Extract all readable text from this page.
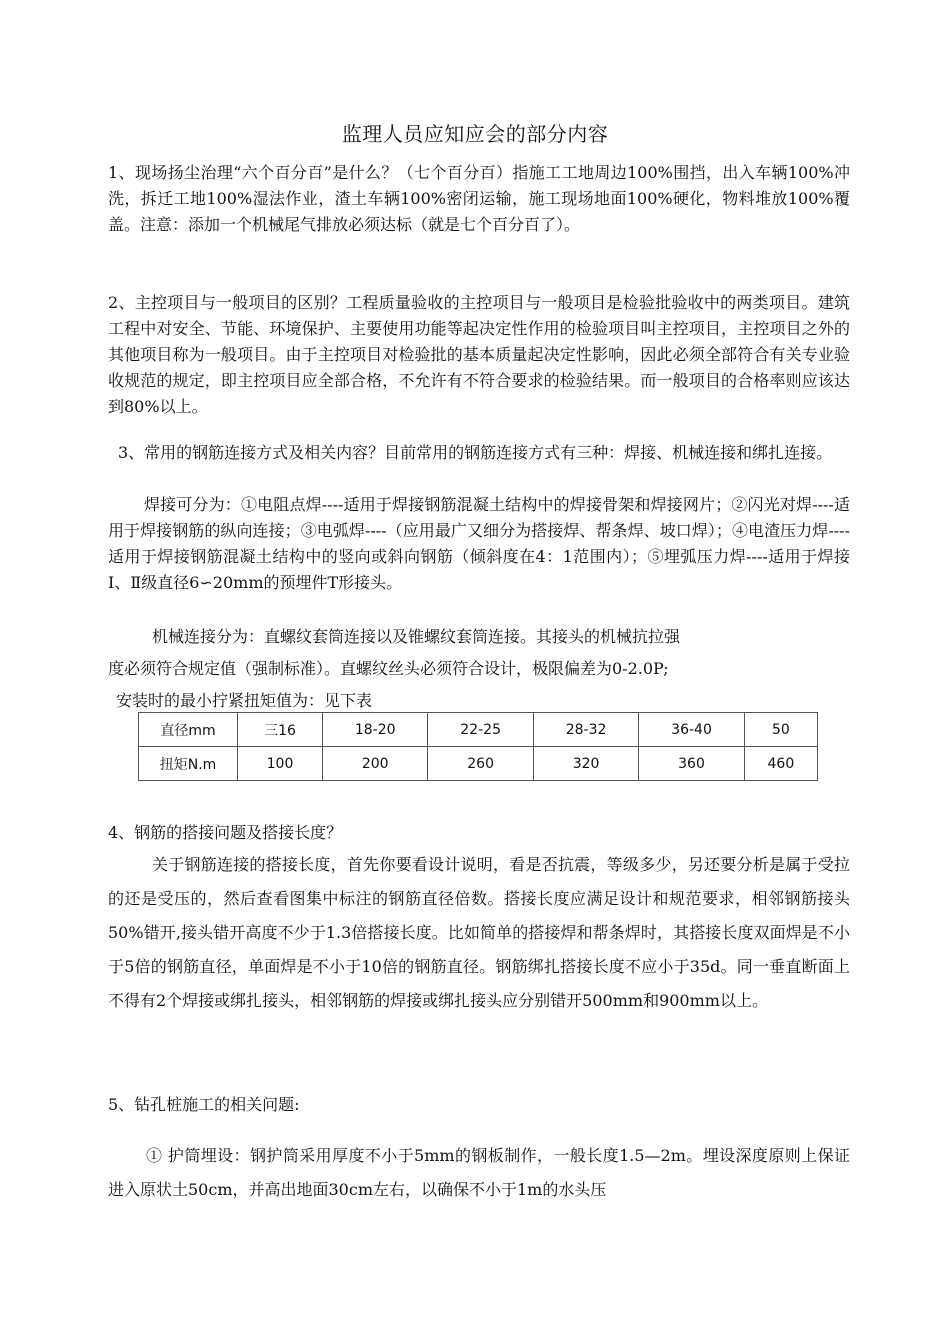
监理人员应知应会的部分内容
1、现场扬尘治理“六个百分百”是什么？（七个百分百）指施工工地周边100%围挡，出入车辆100%冲洗，拆迁工地100%湿法作业，渣土车辆100%密闭运输，施工现场地面100%硬化，物料堆放100%覆盖。注意：添加一个机械尾气排放必须达标（就是七个百分百了）。
2、主控项目与一般项目的区别？工程质量验收的主控项目与一般项目是检验批验收中的两类项目。建筑工程中对安全、节能、环境保护、主要使用功能等起决定性作用的检验项目叫主控项目，主控项目之外的其他项目称为一般项目。由于主控项目对检验批的基本质量起决定性影响，因此必须全部符合有关专业验收规范的规定，即主控项目应全部合格，不允许有不符合要求的检验结果。而一般项目的合格率则应该达到80%以上。
3、常用的钢筋连接方式及相关内容？目前常用的钢筋连接方式有三种：焊接、机械连接和绑扎连接。
焊接可分为：①电阻点焊----适用于焊接钢筋混凝土结构中的焊接骨架和焊接网片；②闪光对焊----适用于焊接钢筋的纵向连接；③电弧焊----（应用最广又细分为搭接焊、帮条焊、坡口焊）；④电渣压力焊----适用于焊接钢筋混凝土结构中的竖向或斜向钢筋（倾斜度在4：1范围内）；⑤埋弧压力焊----适用于焊接Ⅰ、Ⅱ级直径6∽20mm的预埋件T形接头。
机械连接分为：直螺纹套筒连接以及锥螺纹套筒连接。其接头的机械抗拉强
度必须符合规定值（强制标准）。直螺纹丝头必须符合设计，极限偏差为0-2.0P;
安装时的最小拧紧扭矩值为：见下表
直径mm	三16	18-20	22-25	28-32	36-40	50
扭矩N.m	100	200	260	320	360	460
4、钢筋的搭接问题及搭接长度？
关于钢筋连接的搭接长度，首先你要看设计说明，看是否抗震，等级多少，另还要分析是属于受拉的还是受压的，然后查看图集中标注的钢筋直径倍数。搭接长度应满足设计和规范要求，相邻钢筋接头50%错开,接头错开高度不少于1.3倍搭接长度。比如简单的搭接焊和帮条焊时，其搭接长度双面焊是不小于5倍的钢筋直径，单面焊是不小于10倍的钢筋直径。钢筋绑扎搭接长度不应小于35d。同一垂直断面上不得有2个焊接或绑扎接头，相邻钢筋的焊接或绑扎接头应分别错开500mm和900mm以上。
5、钻孔桩施工的相关问题:
① 护筒埋设：钢护筒采用厚度不小于5mm的钢板制作，一般长度1.5—2m。埋设深度原则上保证进入原状土50cm，并高出地面30cm左右，以确保不小于1m的水头压
